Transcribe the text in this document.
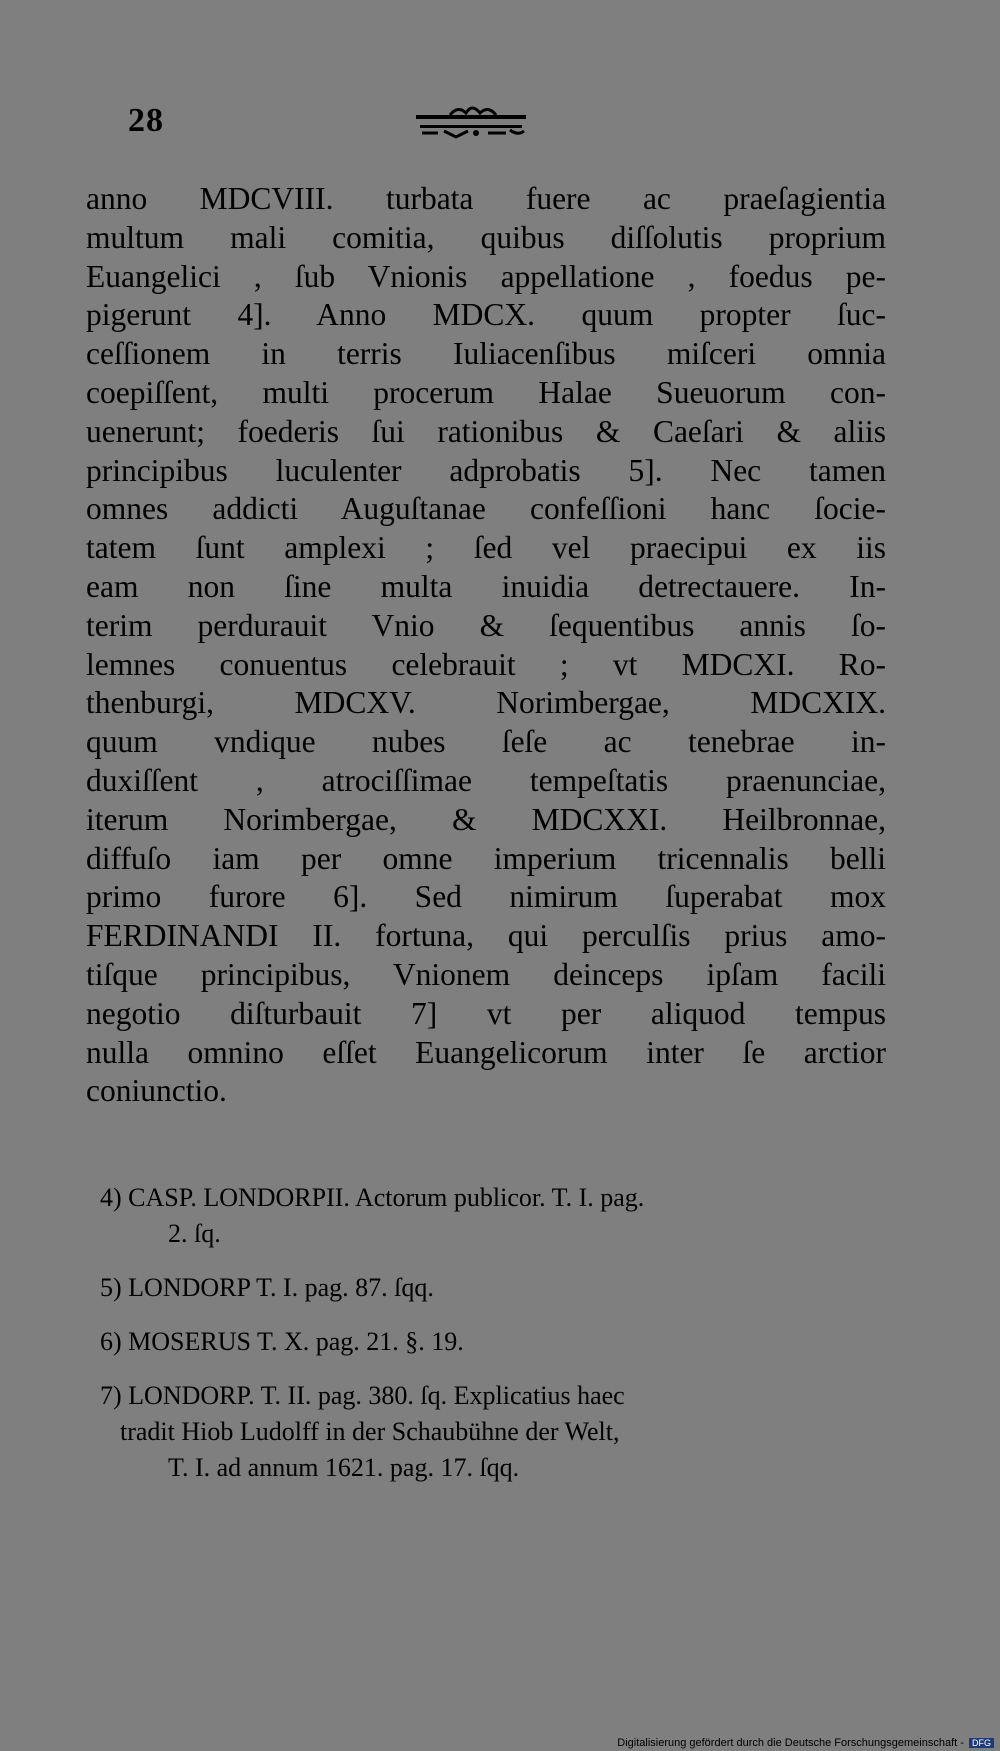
28
anno MDCVIII. turbata fuere ac praeſagientia
multum mali comitia, quibus diſſolutis proprium
Euangelici , ſub Vnionis appellatione , foedus pe-
pigerunt 4]. Anno MDCX. quum propter ſuc-
ceſſionem in terris Iuliacenſibus miſceri omnia
coepiſſent, multi procerum Halae Sueuorum con-
uenerunt; foederis ſui rationibus & Caeſari & aliis
principibus luculenter adprobatis 5]. Nec tamen
omnes addicti Auguſtanae confeſſioni hanc ſocie-
tatem ſunt amplexi ; ſed vel praecipui ex iis
eam non ſine multa inuidia detrectauere. In-
terim perdurauit Vnio & ſequentibus annis ſo-
lemnes conuentus celebrauit ; vt MDCXI. Ro-
thenburgi, MDCXV. Norimbergae, MDCXIX.
quum vndique nubes ſeſe ac tenebrae in-
duxiſſent , atrociſſimae tempeſtatis praenunciae,
iterum Norimbergae, & MDCXXI. Heilbronnae,
diffuſo iam per omne imperium tricennalis belli
primo furore 6]. Sed nimirum ſuperabat mox
FERDINANDI II. fortuna, qui perculſis prius amo-
tiſque principibus, Vnionem deinceps ipſam facili
negotio diſturbauit 7] vt per aliquod tempus
nulla omnino eſſet Euangelicorum inter ſe arctior
coniunctio.
4) CASP. LONDORPII. Actorum publicor. T. I. pag.
2. ſq.
5) LONDORP T. I. pag. 87. ſqq.
6) MOSERUS T. X. pag. 21. §. 19.
7) LONDORP. T. II. pag. 380. ſq. Explicatius haec
tradit Hiob Ludolff in der Schaubühne der Welt,
T. I. ad annum 1621. pag. 17. ſqq.
Digitalisierung gefördert durch die Deutsche Forschungsgemeinschaft - DFG
